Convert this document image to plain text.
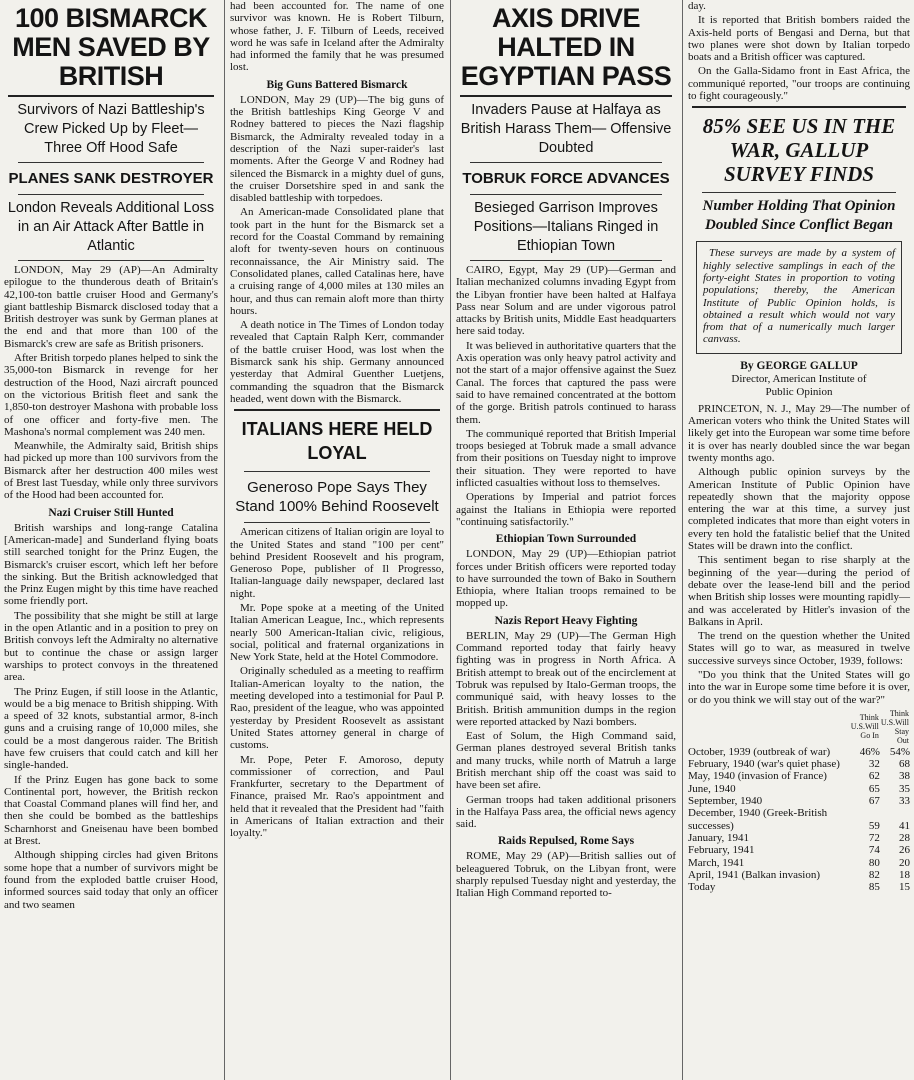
100 BISMARCK MEN SAVED BY BRITISH
Survivors of Nazi Battleship's Crew Picked Up by Fleet— Three Off Hood Safe
PLANES SANK DESTROYER
London Reveals Additional Loss in an Air Attack After Battle in Atlantic

LONDON, May 29 (AP)—An Admiralty epilogue to the thunderous death of Britain's 42,100-ton battle cruiser Hood and Germany's giant battleship Bismarck disclosed today that a British destroyer was sunk by German planes at the end and that more than 100 of the Bismarck's crew are safe as British prisoners.

After British torpedo planes helped to sink the 35,000-ton Bismarck in revenge for her destruction of the Hood, Nazi aircraft pounced on the victorious British fleet and sank the 1,850-ton destroyer Mashona with probable loss of one officer and forty-five men. The Mashona's normal complement was 240 men.

Meanwhile, the Admiralty said, British ships had picked up more than 100 survivors from the Bismarck after her destruction 400 miles west of Brest last Tuesday, while only three survivors of the Hood had been accounted for.

Nazi Cruiser Still Hunted

British warships and long-range Catalina [American-made] and Sunderland flying boats still searched tonight for the Prinz Eugen, the Bismarck's cruiser escort, which left her before the sinking. But the British acknowledged that the Prinz Eugen might by this time have reached some friendly port.

The possibility that she might be still at large in the open Atlantic and in a position to prey on British convoys left the Admiralty no alternative but to continue the chase or assign larger warships to protect convoys in the threatened area.

The Prinz Eugen, if still loose in the Atlantic, would be a big menace to British shipping. With a speed of 32 knots, substantial armor, 8-inch guns and a cruising range of 10,000 miles, she could be a most dangerous raider. The British have few cruisers that could catch and kill her single-handed.

If the Prinz Eugen has gone back to some Continental port, however, the British reckon that Coastal Command planes will find her, and then she could be bombed as the battleships Scharnhorst and Gneisenau have been bombed at Brest.

Although shipping circles had given Britons some hope that a number of survivors might be found from the exploded battle cruiser Hood, informed sources said today that only an officer and two seamen

had been accounted for. The name of one survivor was known. He is Robert Tilburn, whose father, J. F. Tilburn of Leeds, received word he was safe in Iceland after the Admiralty had informed the family that he was presumed lost.

Big Guns Battered Bismarck

LONDON, May 29 (UP)—The big guns of the British battleships King George V and Rodney battered to pieces the Nazi flagship Bismarck, the Admiralty revealed today in a description of the Nazi super-raider's last moments. After the George V and Rodney had silenced the Bismarck in a mighty duel of guns, the cruiser Dorsetshire sped in and sank the disabled battleship with torpedoes.

An American-made Consolidated plane that took part in the hunt for the Bismarck set a record for the Coastal Command by remaining aloft for twenty-seven hours on continuous reconnaissance, the Air Ministry said. The Consolidated planes, called Catalinas here, have a cruising range of 4,000 miles at 130 miles an hour, and thus can remain aloft more than thirty hours.

A death notice in The Times of London today revealed that Captain Ralph Kerr, commander of the battle cruiser Hood, was lost when the Bismarck sank his ship. Germany announced yesterday that Admiral Guenther Luetjens, commanding the squadron that the Bismarck headed, went down with the Bismarck.

ITALIANS HERE HELD LOYAL
Generoso Pope Says They Stand 100% Behind Roosevelt

American citizens of Italian origin are loyal to the United States and stand "100 per cent" behind President Roosevelt and his program, Generoso Pope, publisher of Il Progresso, Italian-language daily newspaper, declared last night.

Mr. Pope spoke at a meeting of the United Italian American League, Inc., which represents nearly 500 American-Italian civic, religious, social, political and fraternal organizations in New York State, held at the Hotel Commodore.

Originally scheduled as a meeting to reaffirm Italian-American loyalty to the nation, the meeting developed into a testimonial for Paul P. Rao, president of the league, who was appointed yesterday by President Roosevelt as assistant United States attorney general in charge of customs.

Mr. Pope, Peter F. Amoroso, deputy commissioner of correction, and Paul Frankfurter, secretary to the Department of Finance, praised Mr. Rao's appointment and held that it revealed that the President had "faith in Americans of Italian extraction and their loyalty."

AXIS DRIVE HALTED IN EGYPTIAN PASS
Invaders Pause at Halfaya as British Harass Them— Offensive Doubted
TOBRUK FORCE ADVANCES
Besieged Garrison Improves Positions—Italians Ringed in Ethiopian Town

CAIRO, Egypt, May 29 (UP)—German and Italian mechanized columns invading Egypt from the Libyan frontier have been halted at Halfaya Pass near Solum and are under vigorous patrol attacks by British units, Middle East headquarters here said today.

It was believed in authoritative quarters that the Axis operation was only heavy patrol activity and not the start of a major offensive against the Suez Canal. The forces that captured the pass were said to have remained concentrated at the bottom of the gorge. British patrols continued to harass them.

The communiqué reported that British Imperial troops besieged at Tobruk made a small advance from their positions on Tuesday night to improve their situation. They were reported to have inflicted casualties without loss to themselves.

Operations by Imperial and patriot forces against the Italians in Ethiopia were reported "continuing satisfactorily."

Ethiopian Town Surrounded

LONDON, May 29 (UP)—Ethiopian patriot forces under British officers were reported today to have surrounded the town of Bako in Southern Ethiopia, where Italian troops remained to be mopped up.

Nazis Report Heavy Fighting

BERLIN, May 29 (UP)—The German High Command reported today that fairly heavy fighting was in progress in North Africa. A British attempt to break out of the encirclement at Tobruk was repulsed by Italo-German troops, the communiqué said, with heavy losses to the British. British ammunition dumps in the region were reported attacked by Nazi bombers.

East of Solum, the High Command said, German planes destroyed several British tanks and many trucks, while north of Matruh a large British merchant ship off the coast was said to have been set afire.

German troops had taken additional prisoners in the Halfaya Pass area, the official news agency said.

Raids Repulsed, Rome Says

ROME, May 29 (AP)—British sallies out of beleaguered Tobruk, on the Libyan front, were sharply repulsed Tuesday night and yesterday, the Italian High Command reported to-

day.

It is reported that British bombers raided the Axis-held ports of Bengasi and Derna, but that two planes were shot down by Italian torpedo boats and a British officer was captured.

On the Galla-Sidamo front in East Africa, the communiqué reported, "our troops are continuing to fight courageously."

85% SEE US IN THE WAR, GALLUP SURVEY FINDS
Number Holding That Opinion Doubled Since Conflict Began

These surveys are made by a system of highly selective samplings in each of the forty-eight States in proportion to voting populations; thereby, the American Institute of Public Opinion holds, is obtained a result which would not vary from that of a numerically much larger canvass.

By GEORGE GALLUP
Director, American Institute of
Public Opinion

PRINCETON, N. J., May 29—The number of American voters who think the United States will likely get into the European war some time before it is over has nearly doubled since the war began twenty months ago.

Although public opinion surveys by the American Institute of Public Opinion have repeatedly shown that the majority oppose entering the war at this time, a survey just completed indicates that more than eight voters in every ten hold the fatalistic belief that the United States will be drawn into the conflict.

This sentiment began to rise sharply at the beginning of the year—during the period of debate over the lease-lend bill and the period when British ship losses were mounting rapidly—and was accelerated by Hitler's invasion of the Balkans in April.

The trend on the question whether the United States will go to war, as measured in twelve successive surveys since October, 1939, follows:

"Do you think that the United States will go into the war in Europe some time before it is over, or do you think we will stay out of the war?"

	Think U.S.Will Go In	Think U.S.Will Stay Out
October, 1939 (outbreak of war)	46%	54%
February, 1940 (war's quiet phase)	32	68
May, 1940 (invasion of France)	62	38
June, 1940	65	35
September, 1940	67	33
December, 1940 (Greek-British successes)	59	41
January, 1941	72	28
February, 1941	74	26
March, 1941	80	20
April, 1941 (Balkan invasion)	82	18
Today	85	15
